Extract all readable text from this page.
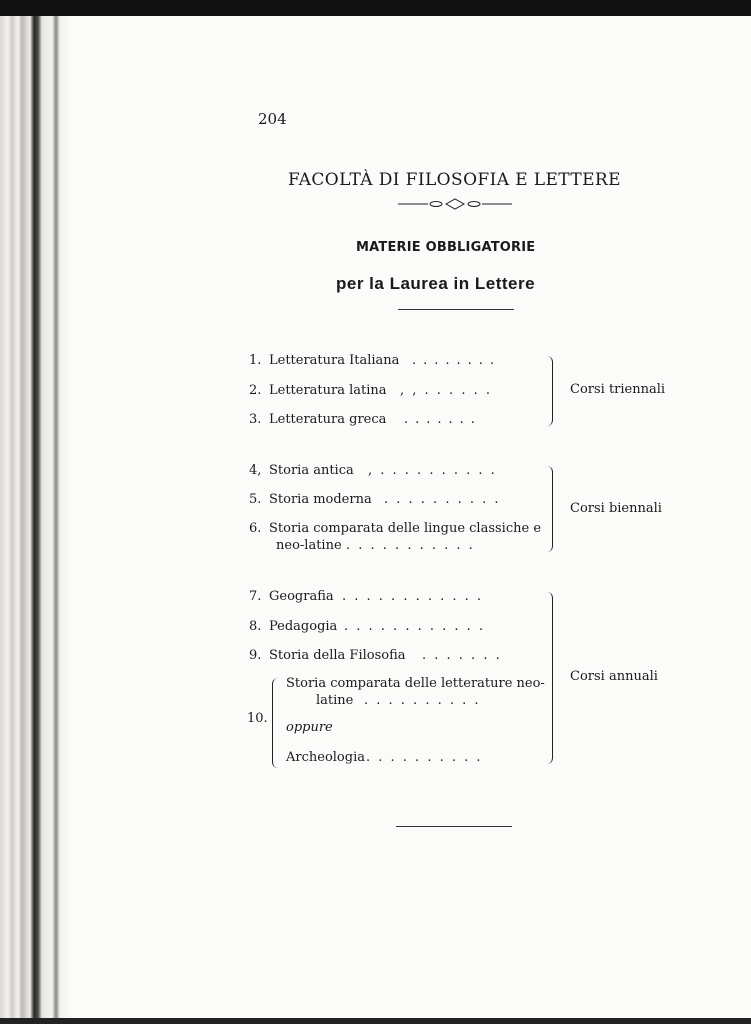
204
FACOLTÀ DI FILOSOFIA E LETTERE
MATERIE OBBLIGATORIE
per la Laurea in Lettere
1. Letteratura Italiana ........
2. Letteratura latina , , . . . . . .
3. Letteratura greca .......
Corsi triennali
4, Storia antica , . . . . . . . . . .
5. Storia moderna . . . . . . . . . .
6. Storia comparata delle lingue classiche e
neo-latine . . . . . . . . . . .
Corsi biennali
7. Geografia . . . . . . . . . . . .
8. Pedagogia . . . . . . . . . . . .
9. Storia della Filosofia . . . . . . .
10.
Storia comparata delle letterature neo-
latine . . . . . . . . . .
oppure
Archeologia . . . . . . . . . .
Corsi annuali
